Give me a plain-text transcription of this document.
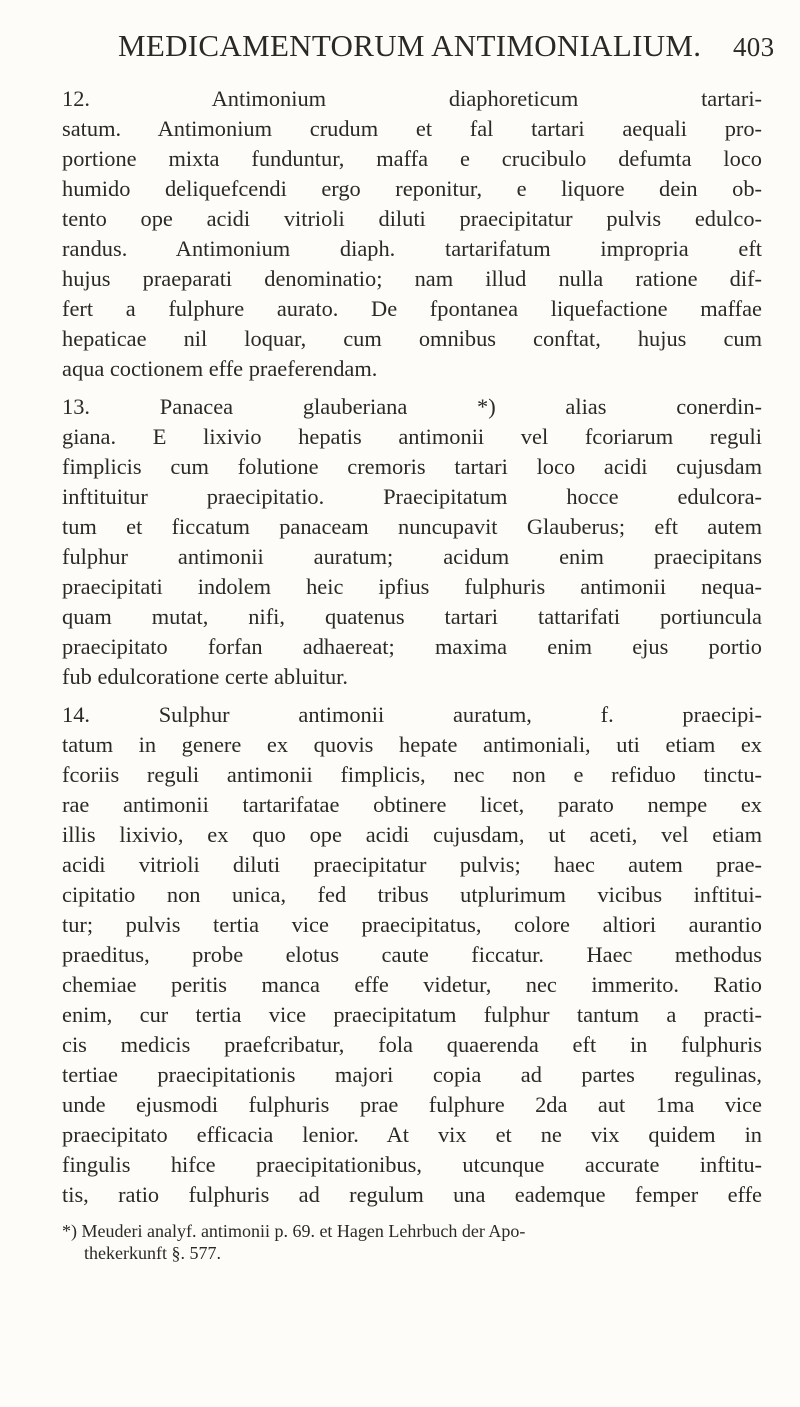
MEDICAMENTORUM ANTIMONIALIUM. 403
12. Antimonium diaphoreticum tartari-
satum. Antimonium crudum et fal tartari aequali pro-
portione mixta funduntur, maffa e crucibulo defumta loco
humido deliquefcendi ergo reponitur, e liquore dein ob-
tento ope acidi vitrioli diluti praecipitatur pulvis edulco-
randus. Antimonium diaph. tartarifatum impropria eft
hujus praeparati denominatio; nam illud nulla ratione dif-
fert a fulphure aurato. De fpontanea liquefactione maffae
hepaticae nil loquar, cum omnibus conftat, hujus cum
aqua coctionem effe praeferendam.
13. Panacea glauberiana *) alias conerdin-
giana. E lixivio hepatis antimonii vel fcoriarum reguli
fimplicis cum folutione cremoris tartari loco acidi cujusdam
inftituitur praecipitatio. Praecipitatum hocce edulcora-
tum et ficcatum panaceam nuncupavit Glauberus; eft autem
fulphur antimonii auratum; acidum enim praecipitans
praecipitati indolem heic ipfius fulphuris antimonii nequa-
quam mutat, nifi, quatenus tartari tattarifati portiuncula
praecipitato forfan adhaereat; maxima enim ejus portio
fub edulcoratione certe abluitur.
14. Sulphur antimonii auratum, f. praecipi-
tatum in genere ex quovis hepate antimoniali, uti etiam ex
fcoriis reguli antimonii fimplicis, nec non e refiduo tinctu-
rae antimonii tartarifatae obtinere licet, parato nempe ex
illis lixivio, ex quo ope acidi cujusdam, ut aceti, vel etiam
acidi vitrioli diluti praecipitatur pulvis; haec autem prae-
cipitatio non unica, fed tribus utplurimum vicibus inftitui-
tur; pulvis tertia vice praecipitatus, colore altiori aurantio
praeditus, probe elotus caute ficcatur. Haec methodus
chemiae peritis manca effe videtur, nec immerito. Ratio
enim, cur tertia vice praecipitatum fulphur tantum a practi-
cis medicis praefcribatur, fola quaerenda eft in fulphuris
tertiae praecipitationis majori copia ad partes regulinas,
unde ejusmodi fulphuris prae fulphure 2da aut 1ma vice
praecipitato efficacia lenior. At vix et ne vix quidem in
fingulis hifce praecipitationibus, utcunque accurate inftitu-
tis, ratio fulphuris ad regulum una eademque femper effe
*) Meuderi analyf. antimonii p. 69. et Hagen Lehrbuch der Apo-
thekerkunft §. 577.
